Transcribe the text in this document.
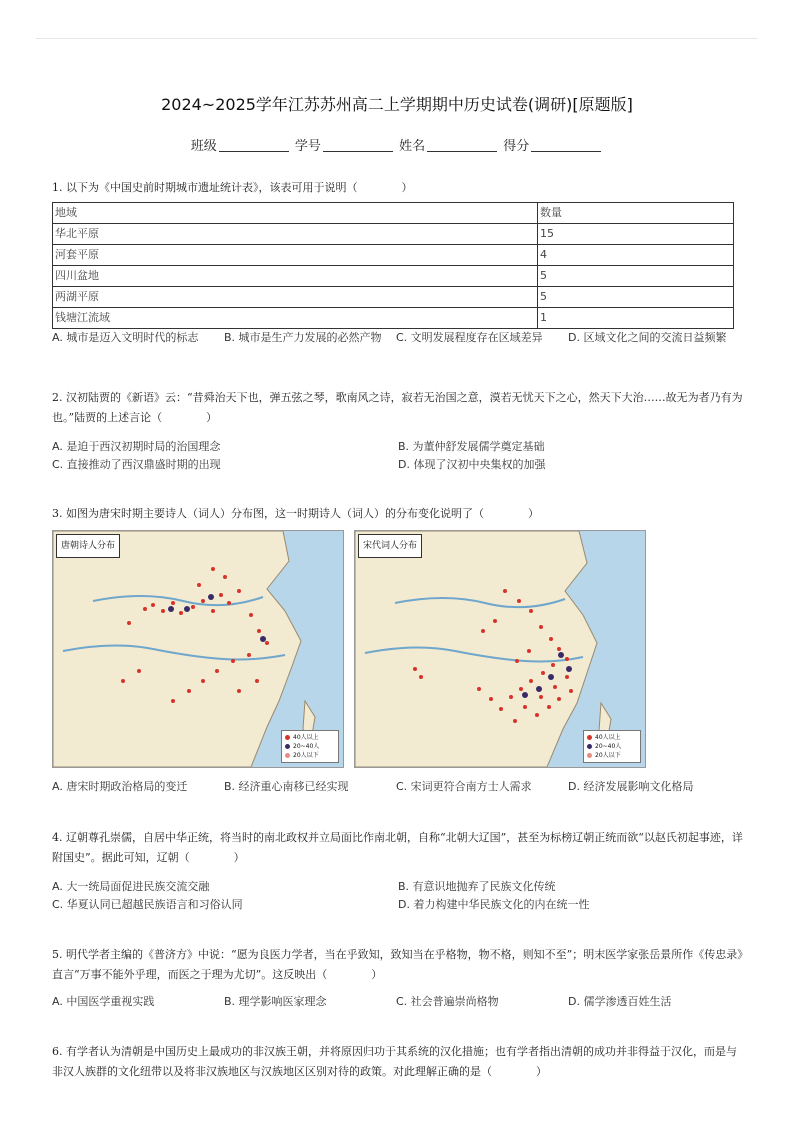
2024~2025学年江苏苏州高二上学期期中历史试卷(调研)[原题版]
班级	学号	姓名	得分
1. 以下为《中国史前时期城市遗址统计表》，该表可用于说明（　　　　）
地域	数量
华北平原	15
河套平原	4
四川盆地	5
两湖平原	5
钱塘江流域	1
A. 城市是迈入文明时代的标志	B. 城市是生产力发展的必然产物	C. 文明发展程度存在区域差异	D. 区域文化之间的交流日益频繁
2. 汉初陆贾的《新语》云：“昔舜治天下也，弹五弦之琴，歌南风之诗，寂若无治国之意，漠若无忧天下之心，然天下大治……故无为者乃有为也。”陆贾的上述言论（　　　　）
A. 是迫于西汉初期时局的治国理念	B. 为董仲舒发展儒学奠定基础
C. 直接推动了西汉鼎盛时期的出现	D. 体现了汉初中央集权的加强
3. 如图为唐宋时期主要诗人（词人）分布图，这一时期诗人（词人）的分布变化说明了（　　　　）
唐朝诗人分布
40人以上
20~40人
20人以下
宋代词人分布
40人以上
20~40人
20人以下
A. 唐宋时期政治格局的变迁	B. 经济重心南移已经实现	C. 宋词更符合南方士人需求	D. 经济发展影响文化格局
4. 辽朝尊孔崇儒，自居中华正统，将当时的南北政权并立局面比作南北朝，自称“北朝大辽国”，甚至为标榜辽朝正统而欲“以赵氏初起事迹，详附国史”。据此可知，辽朝（　　　　）
A. 大一统局面促进民族交流交融	B. 有意识地抛弃了民族文化传统
C. 华夏认同已超越民族语言和习俗认同	D. 着力构建中华民族文化的内在统一性
5. 明代学者主编的《普济方》中说：“愿为良医力学者，当在乎致知，致知当在乎格物，物不格，则知不至”；明末医学家张岳景所作《传忠录》直言“万事不能外乎理，而医之于理为尤切”。这反映出（　　　　）
A. 中国医学重视实践	B. 理学影响医家理念	C. 社会普遍崇尚格物	D. 儒学渗透百姓生活
6. 有学者认为清朝是中国历史上最成功的非汉族王朝，并将原因归功于其系统的汉化措施；也有学者指出清朝的成功并非得益于汉化，而是与非汉人族群的文化纽带以及将非汉族地区与汉族地区区别对待的政策。对此理解正确的是（　　　　）
